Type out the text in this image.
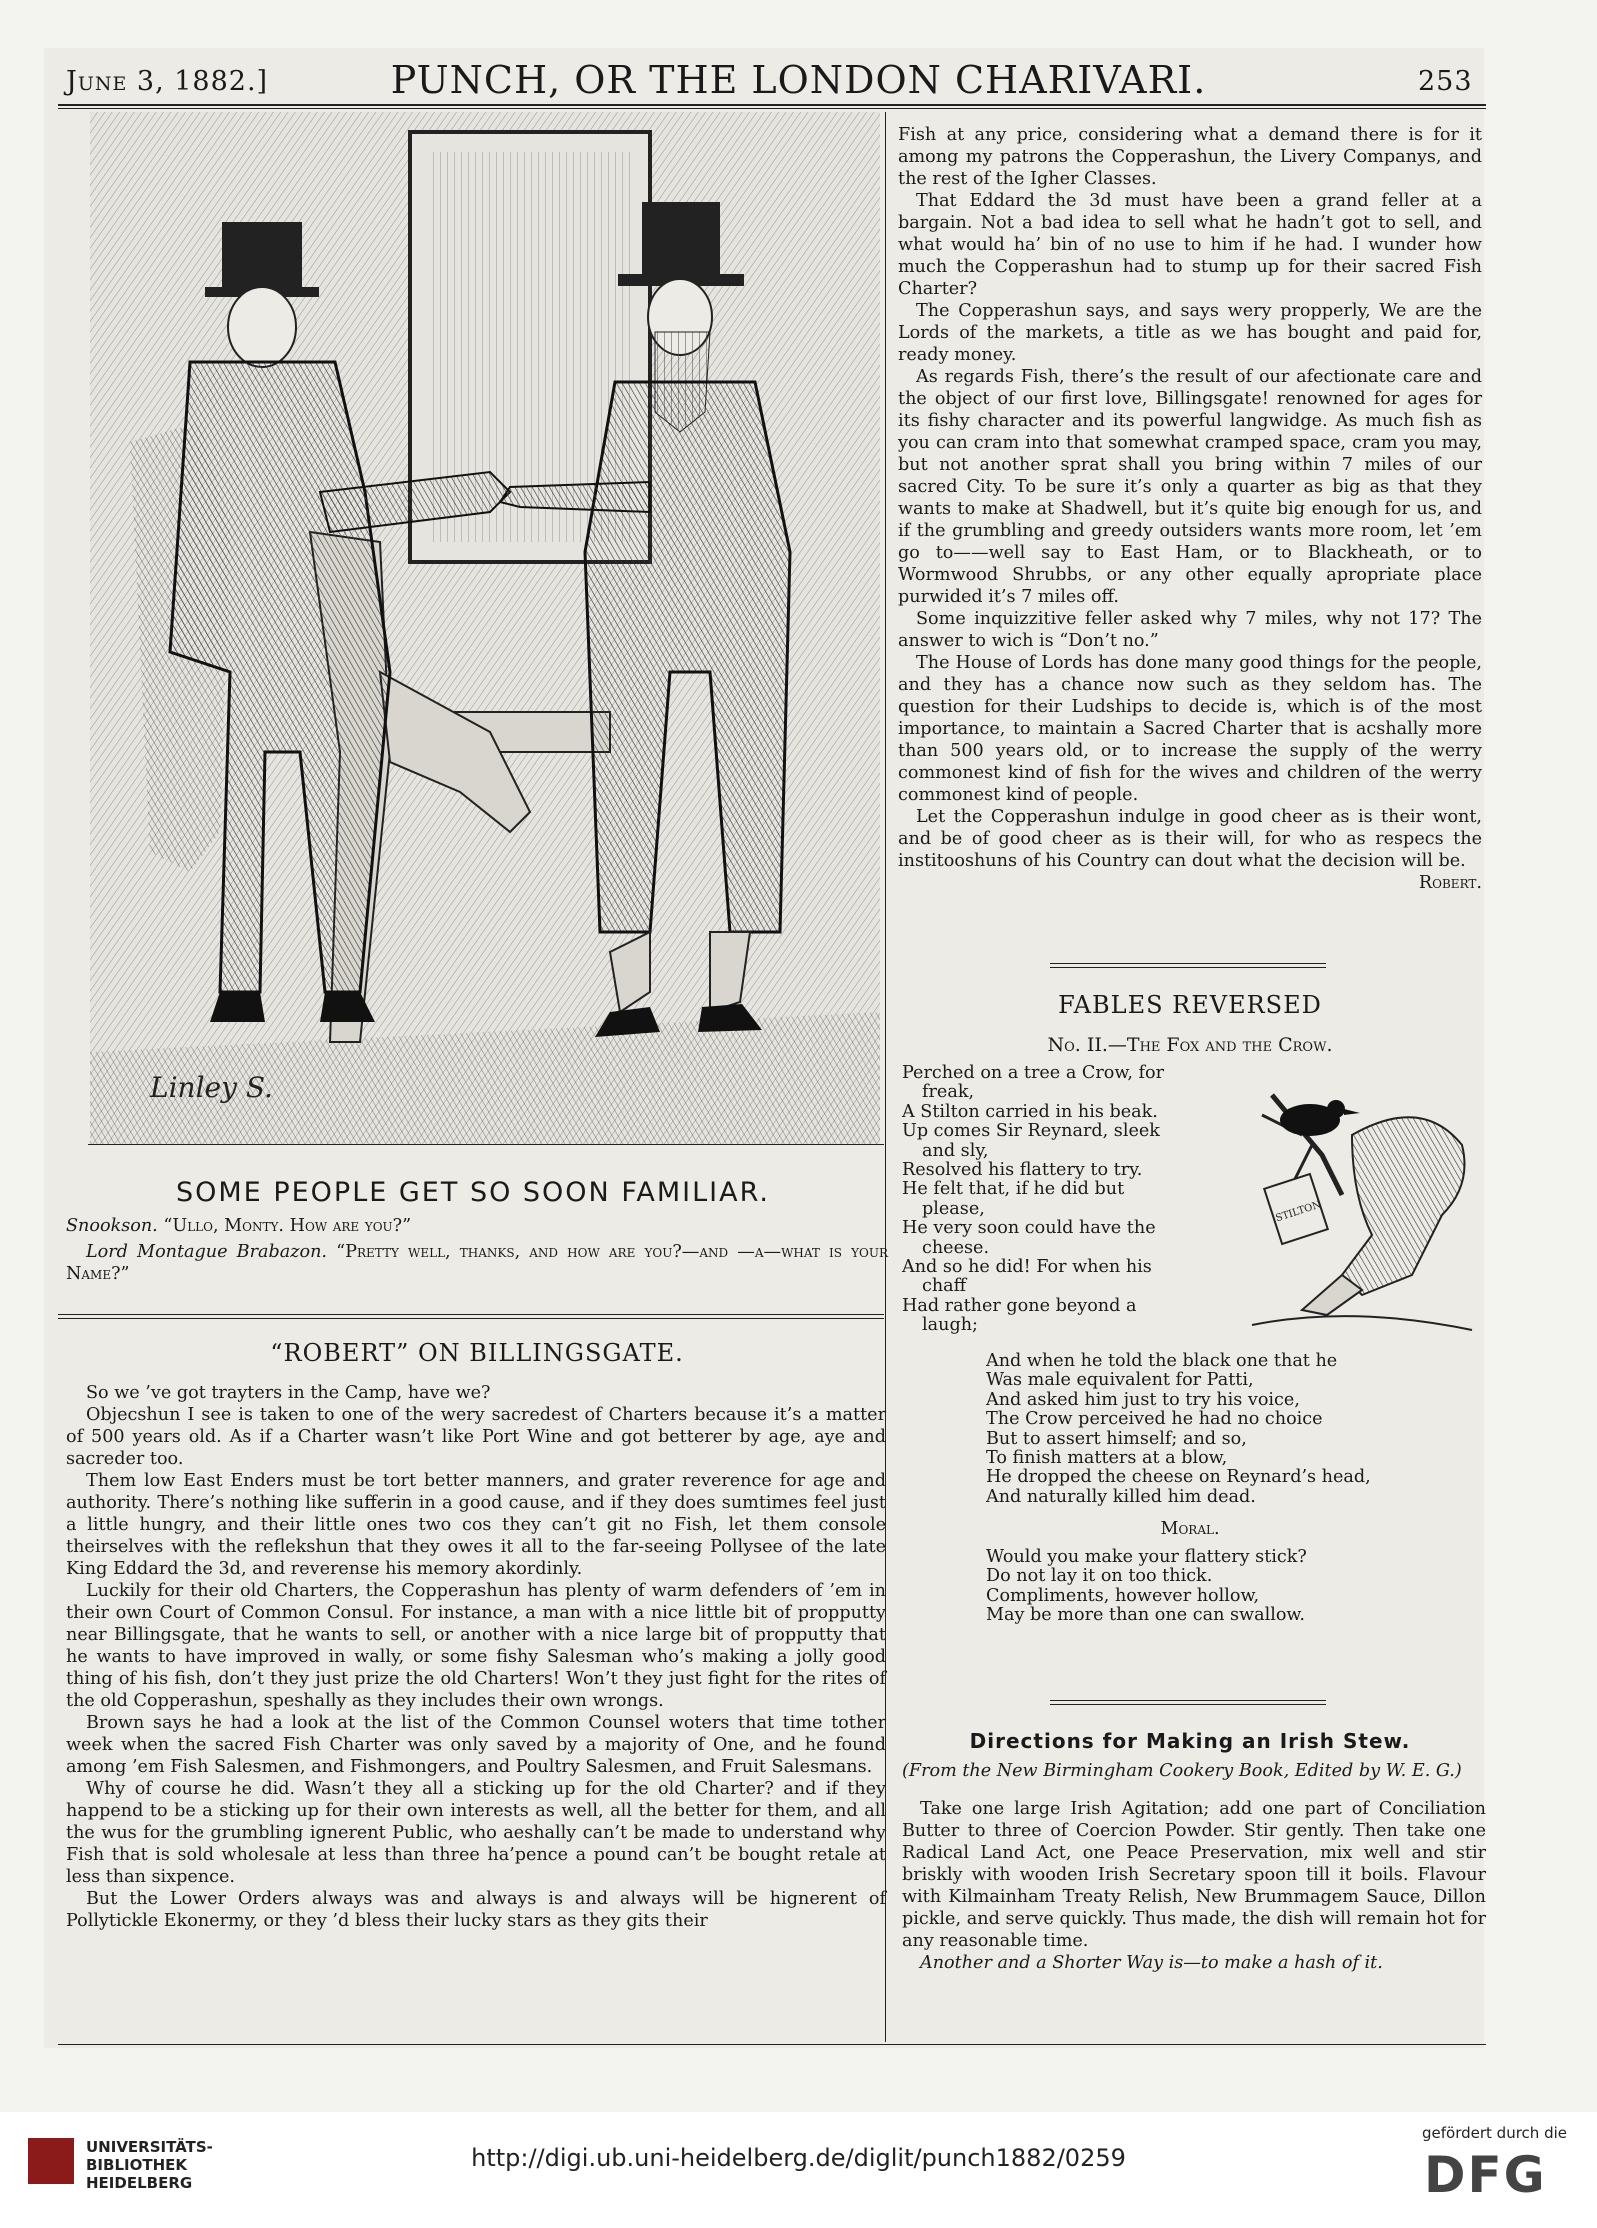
June 3, 1882.]	PUNCH, OR THE LONDON CHARIVARI.	253
Linley S.
SOME PEOPLE GET SO SOON FAMILIAR.

Snookson. “Ullo, Monty. How are you?”

Lord Montague Brabazon. “Pretty well, thanks, and how are you?—and —a—what is your Name?”

“ROBERT” ON BILLINGSGATE.

So we ’ve got trayters in the Camp, have we?

Objecshun I see is taken to one of the wery sacredest of Charters because it’s a matter of 500 years old. As if a Charter wasn’t like Port Wine and got betterer by age, aye and sacreder too.

Them low East Enders must be tort better manners, and grater reverence for age and authority. There’s nothing like sufferin in a good cause, and if they does sumtimes feel just a little hungry, and their little ones two cos they can’t git no Fish, let them console theirselves with the reflekshun that they owes it all to the far-seeing Pollysee of the late King Eddard the 3d, and reverense his memory akordinly.

Luckily for their old Charters, the Copperashun has plenty of warm defenders of ’em in their own Court of Common Consul. For instance, a man with a nice little bit of propputty near Billingsgate, that he wants to sell, or another with a nice large bit of propputty that he wants to have improved in wally, or some fishy Salesman who’s making a jolly good thing of his fish, don’t they just prize the old Charters! Won’t they just fight for the rites of the old Copperashun, speshally as they includes their own wrongs.

Brown says he had a look at the list of the Common Counsel woters that time tother week when the sacred Fish Charter was only saved by a majority of One, and he found among ’em Fish Salesmen, and Fishmongers, and Poultry Salesmen, and Fruit Salesmans.

Why of course he did. Wasn’t they all a sticking up for the old Charter? and if they happend to be a sticking up for their own interests as well, all the better for them, and all the wus for the grumbling ignerent Public, who aeshally can’t be made to understand why Fish that is sold wholesale at less than three ha’pence a pound can’t be bought retale at less than sixpence.

But the Lower Orders always was and always is and always will be hignerent of Pollytickle Ekonermy, or they ’d bless their lucky stars as they gits their

Fish at any price, considering what a demand there is for it among my patrons the Copperashun, the Livery Companys, and the rest of the Igher Classes.

That Eddard the 3d must have been a grand feller at a bargain. Not a bad idea to sell what he hadn’t got to sell, and what would ha’ bin of no use to him if he had. I wunder how much the Copperashun had to stump up for their sacred Fish Charter?

The Copperashun says, and says wery propperly, We are the Lords of the markets, a title as we has bought and paid for, ready money.

As regards Fish, there’s the result of our afectionate care and the object of our first love, Billingsgate! renowned for ages for its fishy character and its powerful langwidge. As much fish as you can cram into that somewhat cramped space, cram you may, but not another sprat shall you bring within 7 miles of our sacred City. To be sure it’s only a quarter as big as that they wants to make at Shadwell, but it’s quite big enough for us, and if the grumbling and greedy outsiders wants more room, let ’em go to——well say to East Ham, or to Blackheath, or to Wormwood Shrubbs, or any other equally apropriate place purwided it’s 7 miles off.

Some inquizzitive feller asked why 7 miles, why not 17? The answer to wich is “Don’t no.”

The House of Lords has done many good things for the people, and they has a chance now such as they seldom has. The question for their Ludships to decide is, which is of the most importance, to maintain a Sacred Charter that is acshally more than 500 years old, or to increase the supply of the werry commonest kind of fish for the wives and children of the werry commonest kind of people.

Let the Copperashun indulge in good cheer as is their wont, and be of good cheer as is their will, for who as respecs the institooshuns of his Country can dout what the decision will be.

Robert.
FABLES REVERSED
No. II.—The Fox and the Crow.
Perched on a tree a Crow, for
freak,
A Stilton carried in his beak.
Up comes Sir Reynard, sleek
and sly,
Resolved his flattery to try.
He felt that, if he did but
please,
He very soon could have the
cheese.
And so he did! For when his
chaff
Had rather gone beyond a
laugh;
STILTON
And when he told the black one that he
Was male equivalent for Patti,
And asked him just to try his voice,
The Crow perceived he had no choice
But to assert himself; and so,
To finish matters at a blow,
He dropped the cheese on Reynard’s head,
And naturally killed him dead.
Moral.
Would you make your flattery stick?
Do not lay it on too thick.
Compliments, however hollow,
May be more than one can swallow.
Directions for Making an Irish Stew.
(From the New Birmingham Cookery Book, Edited by W. E. G.)

Take one large Irish Agitation; add one part of Conciliation Butter to three of Coercion Powder. Stir gently. Then take one Radical Land Act, one Peace Preservation, mix well and stir briskly with wooden Irish Secretary spoon till it boils. Flavour with Kilmainham Treaty Relish, New Brummagem Sauce, Dillon pickle, and serve quickly. Thus made, the dish will remain hot for any reasonable time.

Another and a Shorter Way is—to make a hash of it.

UNIVERSITÄTS-
BIBLIOTHEK
HEIDELBERG
http://digi.ub.uni-heidelberg.de/diglit/punch1882/0259
gefördert durch die
DFG
